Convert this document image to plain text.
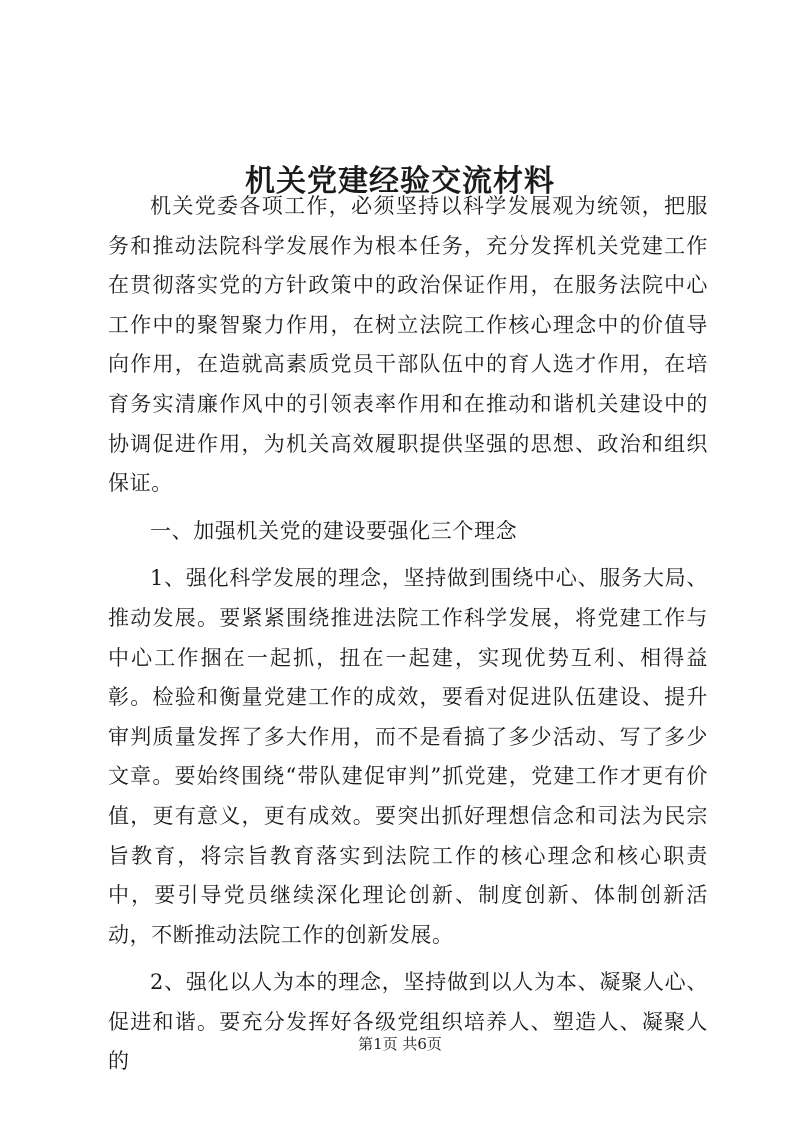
机关党建经验交流材料

机关党委各项工作，必须坚持以科学发展观为统领，把服务和推动法院科学发展作为根本任务，充分发挥机关党建工作在贯彻落实党的方针政策中的政治保证作用，在服务法院中心工作中的聚智聚力作用，在树立法院工作核心理念中的价值导向作用，在造就高素质党员干部队伍中的育人选才作用，在培育务实清廉作风中的引领表率作用和在推动和谐机关建设中的协调促进作用，为机关高效履职提供坚强的思想、政治和组织保证。

一、加强机关党的建设要强化三个理念

1、强化科学发展的理念，坚持做到围绕中心、服务大局、推动发展。要紧紧围绕推进法院工作科学发展，将党建工作与中心工作捆在一起抓，扭在一起建，实现优势互利、相得益彰。检验和衡量党建工作的成效，要看对促进队伍建设、提升审判质量发挥了多大作用，而不是看搞了多少活动、写了多少文章。要始终围绕“带队建促审判”抓党建，党建工作才更有价值，更有意义，更有成效。要突出抓好理想信念和司法为民宗旨教育，将宗旨教育落实到法院工作的核心理念和核心职责中，要引导党员继续深化理论创新、制度创新、体制创新活动，不断推动法院工作的创新发展。

2、强化以人为本的理念，坚持做到以人为本、凝聚人心、促进和谐。要充分发挥好各级党组织培养人、塑造人、凝聚人的

第1页 共6页
